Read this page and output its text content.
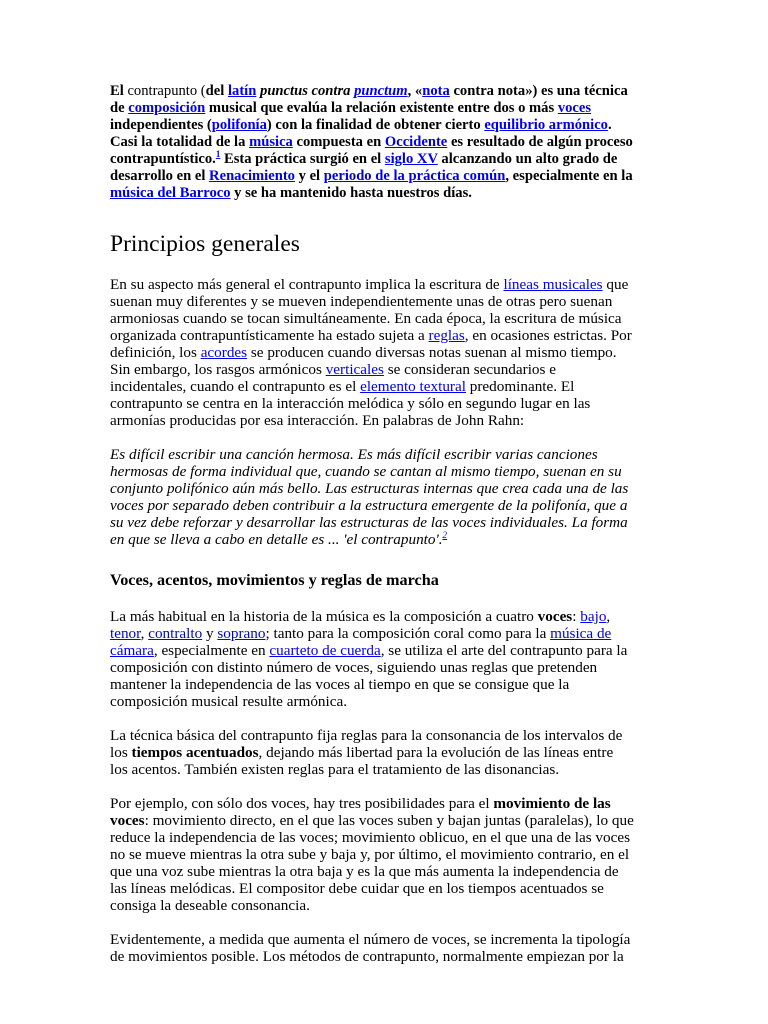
El contrapunto (del latín punctus contra punctum, «nota contra nota») es una técnica de composición musical que evalúa la relación existente entre dos o más voces independientes (polifonía) con la finalidad de obtener cierto equilibrio armónico. Casi la totalidad de la música compuesta en Occidente es resultado de algún proceso contrapuntístico.$^1$ Esta práctica surgió en el siglo XV alcanzando un alto grado de desarrollo en el Renacimiento y el periodo de la práctica común, especialmente en la música del Barroco y se ha mantenido hasta nuestros días.

Principios generales

En su aspecto más general el contrapunto implica la escritura de líneas musicales que suenan muy diferentes y se mueven independientemente unas de otras pero suenan armoniosas cuando se tocan simultáneamente. En cada época, la escritura de música organizada contrapuntísticamente ha estado sujeta a reglas, en ocasiones estrictas. Por definición, los acordes se producen cuando diversas notas suenan al mismo tiempo. Sin embargo, los rasgos armónicos verticales se consideran secundarios e incidentales, cuando el contrapunto es el elemento textural predominante. El contrapunto se centra en la interacción melódica y sólo en segundo lugar en las armonías producidas por esa interacción. En palabras de John Rahn:

Es difícil escribir una canción hermosa. Es más difícil escribir varias canciones hermosas de forma individual que, cuando se cantan al mismo tiempo, suenan en su conjunto polifónico aún más bello. Las estructuras internas que crea cada una de las voces por separado deben contribuir a la estructura emergente de la polifonía, que a su vez debe reforzar y desarrollar las estructuras de las voces individuales. La forma en que se lleva a cabo en detalle es ... 'el contrapunto'.$^2$

Voces, acentos, movimientos y reglas de marcha

La más habitual en la historia de la música es la composición a cuatro voces: bajo, tenor, contralto y soprano; tanto para la composición coral como para la música de cámara, especialmente en cuarteto de cuerda, se utiliza el arte del contrapunto para la composición con distinto número de voces, siguiendo unas reglas que pretenden mantener la independencia de las voces al tiempo en que se consigue que la composición musical resulte armónica.

La técnica básica del contrapunto fija reglas para la consonancia de los intervalos de los tiempos acentuados, dejando más libertad para la evolución de las líneas entre los acentos. También existen reglas para el tratamiento de las disonancias.

Por ejemplo, con sólo dos voces, hay tres posibilidades para el movimiento de las voces: movimiento directo, en el que las voces suben y bajan juntas (paralelas), lo que reduce la independencia de las voces; movimiento oblicuo, en el que una de las voces no se mueve mientras la otra sube y baja y, por último, el movimiento contrario, en el que una voz sube mientras la otra baja y es la que más aumenta la independencia de las líneas melódicas. El compositor debe cuidar que en los tiempos acentuados se consiga la deseable consonancia.

Evidentemente, a medida que aumenta el número de voces, se incrementa la tipología de movimientos posible. Los métodos de contrapunto, normalmente empiezan por la
